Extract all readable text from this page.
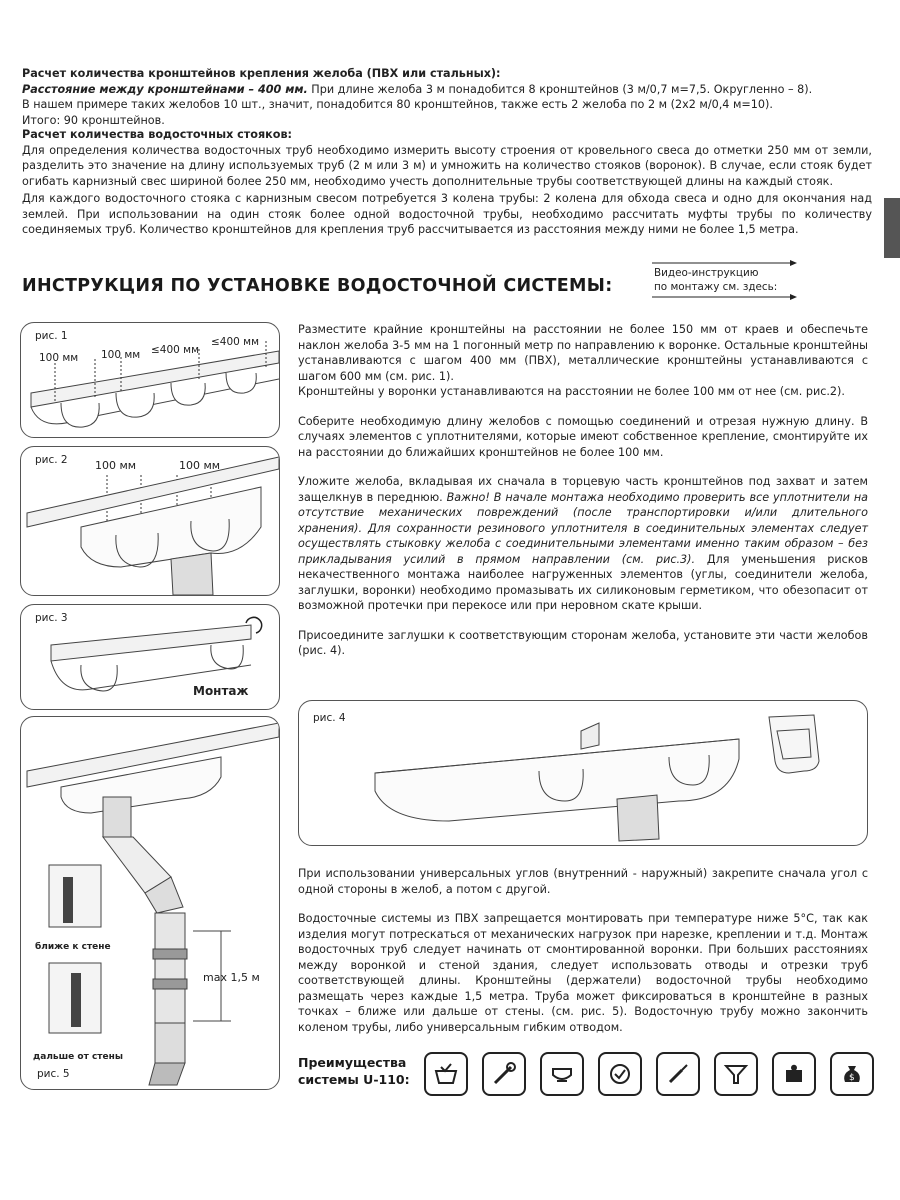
Расчет количества кронштейнов крепления желоба (ПВХ или стальных):

Расстояние между кронштейнами – 400 мм. При длине желоба 3 м понадобится 8 кронштейнов (3 м/0,7 м=7,5. Округленно – 8).

В нашем примере таких желобов 10 шт., значит, понадобится 80 кронштейнов, также есть 2 желоба по 2 м (2х2 м/0,4 м=10).

Итого: 90 кронштейнов.

Расчет количества водосточных стояков:

Для определения количества водосточных труб необходимо измерить высоту строения от кровельного свеса до отметки 250 мм от земли, разделить это значение на длину используемых труб (2 м или 3 м) и умножить на количество стояков (воронок). В случае, если стояк будет огибать карнизный свес шириной более 250 мм, необходимо учесть дополнительные трубы соответствующей длины на каждый стояк.

Для каждого водосточного стояка с карнизным свесом потребуется 3 колена трубы: 2 колена для обхода свеса и одно для окончания над землей. При использовании на один стояк более одной водосточной трубы, необходимо рассчитать муфты трубы по количеству соединяемых труб. Количество кронштейнов для крепления труб рассчитывается из расстояния между ними не более 1,5 метра.

ИНСТРУКЦИЯ ПО УСТАНОВКЕ ВОДОСТОЧНОЙ СИСТЕМЫ:
Видео-инструкцию
по монтажу см. здесь:

Разместите крайние кронштейны на расстоянии не более 150 мм от краев и обеспечьте наклон желоба 3-5 мм на 1 погонный метр по направлению к воронке. Остальные кронштейны устанавливаются с шагом 400 мм (ПВХ), металлические кронштейны устанавливаются с шагом 600 мм (см. рис. 1).

Кронштейны у воронки устанавливаются на расстоянии не более 100 мм от нее (см. рис.2).

Соберите необходимую длину желобов с помощью соединений и отрезая нужную длину. В случаях элементов с уплотнителями, которые имеют собственное крепление, смонтируйте их на расстоянии до ближайших кронштейнов не более 100 мм.

Уложите желоба, вкладывая их сначала в торцевую часть кронштейнов под захват и затем защелкнув в переднюю. Важно! В начале монтажа необходимо проверить все уплотнители на отсутствие механических повреждений (после транспортировки и/или длительного хранения). Для сохранности резинового уплотнителя в соединительных элементах следует осуществлять стыковку желоба с соединительными элементами именно таким образом – без прикладывания усилий в прямом направлении (см. рис.3). Для уменьшения рисков некачественного монтажа наиболее нагруженных элементов (углы, соединители желоба, заглушки, воронки) необходимо промазывать их силиконовым герметиком, что обезопасит от возможной протечки при перекосе или при неровном скате крыши.

Присоедините заглушки к соответствующим сторонам желоба, установите эти части желобов (рис. 4).

рис. 1
100 мм 100 мм ≤400 мм
≤400 мм
рис. 2 100 мм	100 мм
рис. 3
Монтаж
рис. 4
max 1,5 м
ближе к стене
дальше от стены
рис. 5

При использовании универсальных углов (внутренний - наружный) закрепите сначала угол с одной стороны в желоб, а потом с другой.

Водосточные системы из ПВХ запрещается монтировать при температуре ниже 5°С, так как изделия могут потрескаться от механических нагрузок при нарезке, креплении и т.д. Монтаж водосточных труб следует начинать от смонтированной воронки. При больших расстояниях между воронкой и стеной здания, следует использовать отводы и отрезки труб соответствующей длины. Кронштейны (держатели) водосточной трубы необходимо размещать через каждые 1,5 метра. Труба может фиксироваться в кронштейне в разных точках – ближе или дальше от стены. (см. рис. 5). Водосточную трубу можно закончить коленом трубы, либо универсальным гибким отводом.

Преимущества
системы U-110:	$
